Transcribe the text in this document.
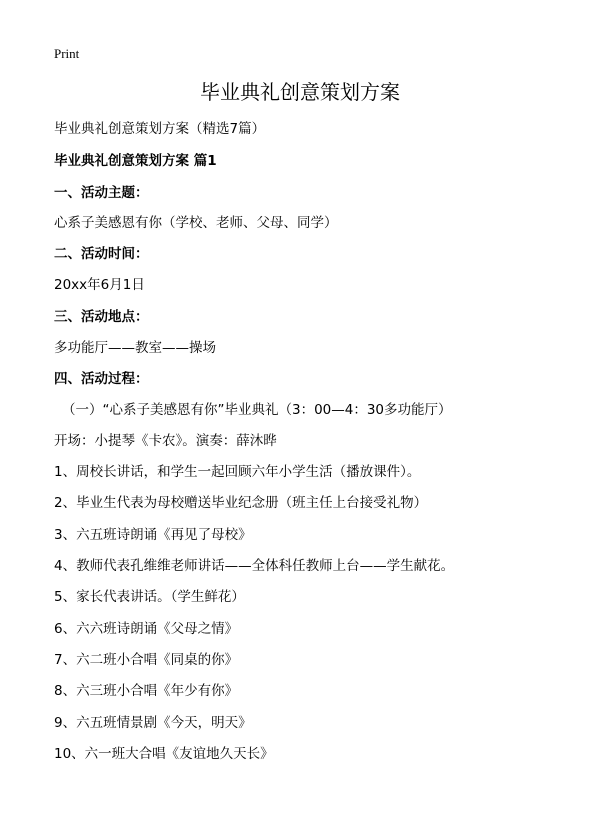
Print
毕业典礼创意策划方案
毕业典礼创意策划方案（精选7篇）
毕业典礼创意策划方案 篇1
一、活动主题：
心系子美感恩有你（学校、老师、父母、同学）
二、活动时间：
20xx年6月1日
三、活动地点：
多功能厅——教室——操场
四、活动过程：
（一）“心系子美感恩有你”毕业典礼（3：00—4：30多功能厅）
开场：小提琴《卡农》。演奏：薛沐晔
1、周校长讲话，和学生一起回顾六年小学生活（播放课件）。
2、毕业生代表为母校赠送毕业纪念册（班主任上台接受礼物）
3、六五班诗朗诵《再见了母校》
4、教师代表孔维维老师讲话——全体科任教师上台——学生献花。
5、家长代表讲话。（学生鲜花）
6、六六班诗朗诵《父母之情》
7、六二班小合唱《同桌的你》
8、六三班小合唱《年少有你》
9、六五班情景剧《今天，明天》
10、六一班大合唱《友谊地久天长》
